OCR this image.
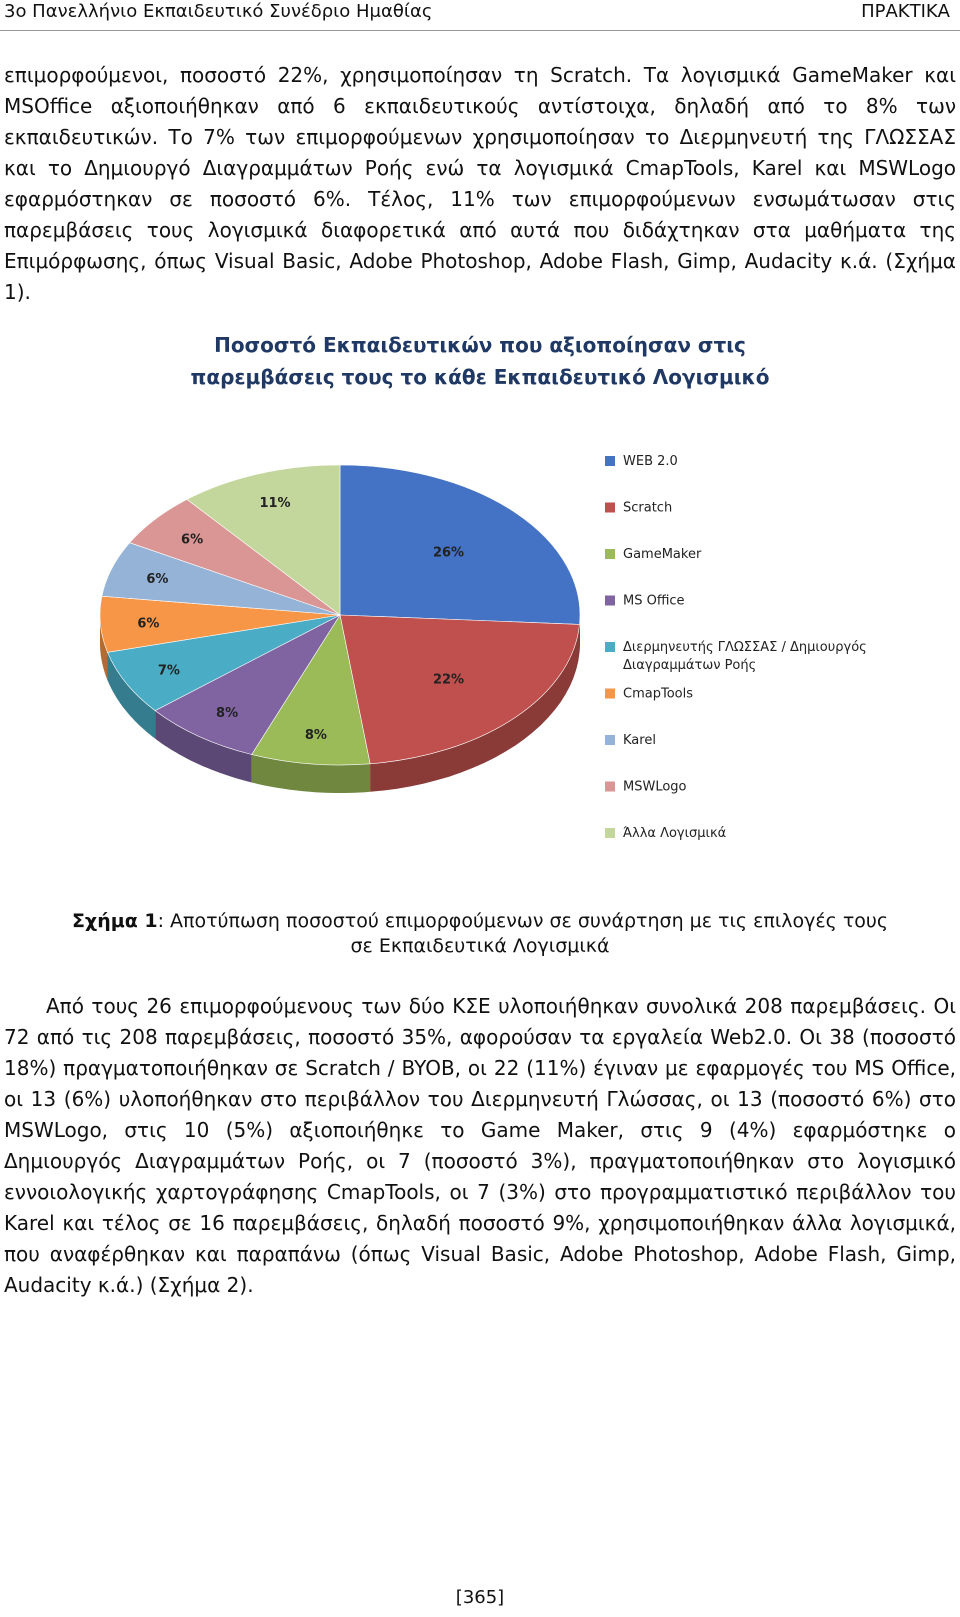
3ο Πανελλήνιο Εκπαιδευτικό Συνέδριο Ημαθίας	ΠΡΑΚΤΙΚΑ

επιμορφούμενοι, ποσοστό 22%, χρησιμοποίησαν τη Scratch. Τα λογισμικά GameMaker και MSOffice αξιοποιήθηκαν από 6 εκπαιδευτικούς αντίστοιχα, δηλαδή από το 8% των εκπαιδευτικών. Το 7% των επιμορφούμενων χρησιμοποίησαν το Διερμηνευτή της ΓΛΩΣΣΑΣ και το Δημιουργό Διαγραμμάτων Ροής ενώ τα λογισμικά CmapTools, Karel και MSWLogo εφαρμόστηκαν σε ποσοστό 6%. Τέλος, 11% των επιμορφούμενων ενσωμάτωσαν στις παρεμβάσεις τους λογισμικά διαφορετικά από αυτά που διδάχτηκαν στα μαθήματα της Επιμόρφωσης, όπως Visual Basic, Adobe Photoshop, Adobe Flash, Gimp, Audacity κ.ά. (Σχήμα 1).

Ποσοστό Εκπαιδευτικών που αξιοποίησαν στις
παρεμβάσεις τους το κάθε Εκπαιδευτικό Λογισμικό
26%
22%
8%
8%
7%
6%
6%
6%
11%
WEB 2.0
Scratch
GameMaker
MS Office
Διερμηνευτής ΓΛΩΣΣΑΣ / Δημιουργός
Διαγραμμάτων Ροής
CmapTools
Karel
MSWLogo
Άλλα Λογισμικά
Σχήμα 1: Αποτύπωση ποσοστού επιμορφούμενων σε συνάρτηση με τις επιλογές τους
σε Εκπαιδευτικά Λογισμικά

Από τους 26 επιμορφούμενους των δύο ΚΣΕ υλοποιήθηκαν συνολικά 208 παρεμβάσεις. Οι 72 από τις 208 παρεμβάσεις, ποσοστό 35%, αφορούσαν τα εργαλεία Web2.0. Οι 38 (ποσοστό 18%) πραγματοποιήθηκαν σε Scratch / BYOB, οι 22 (11%) έγιναν με εφαρμογές του MS Office, οι 13 (6%) υλοποήθηκαν στο περιβάλλον του Διερμηνευτή Γλώσσας, οι 13 (ποσοστό 6%) στο MSWLogo, στις 10 (5%) αξιοποιήθηκε το Game Maker, στις 9 (4%) εφαρμόστηκε ο Δημιουργός Διαγραμμάτων Ροής, οι 7 (ποσοστό 3%), πραγματοποιήθηκαν στο λογισμικό εννοιολογικής χαρτογράφησης CmapTools, οι 7 (3%) στο προγραμματιστικό περιβάλλον του Karel και τέλος σε 16 παρεμβάσεις, δηλαδή ποσοστό 9%, χρησιμοποιήθηκαν άλλα λογισμικά, που αναφέρθηκαν και παραπάνω (όπως Visual Basic, Adobe Photoshop, Adobe Flash, Gimp, Audacity κ.ά.) (Σχήμα 2).

[365]
